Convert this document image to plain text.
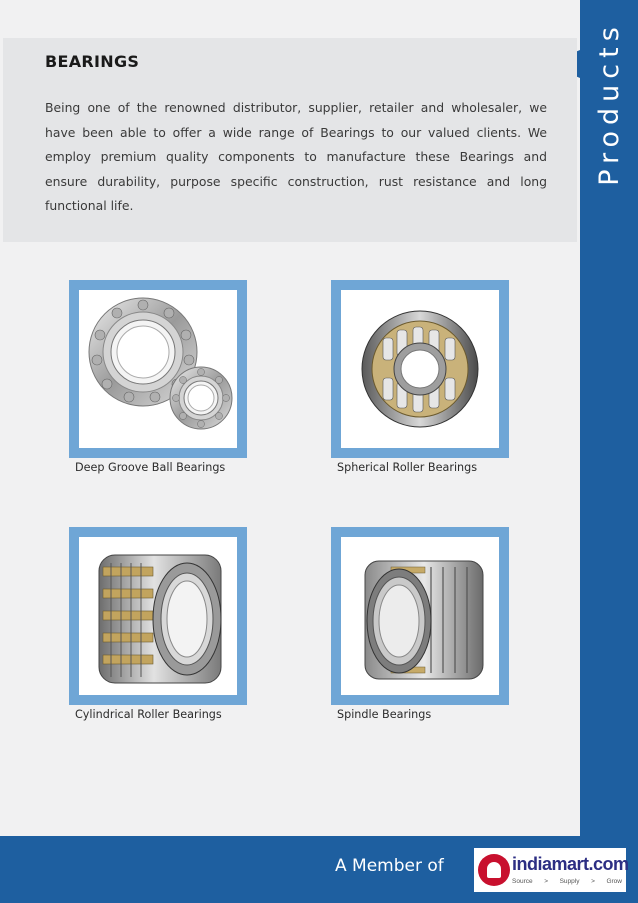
Products
BEARINGS

Being one of the renowned distributor, supplier, retailer and wholesaler, we have been able to offer a wide range of Bearings to our valued clients. We employ premium quality components to manufacture these Bearings and ensure durability, purpose specific construction, rust resistance and long functional life.

Deep Groove Ball Bearings	Spherical Roller Bearings
Cylindrical Roller Bearings	Spindle Bearings
A Member of	indiamart.com
Source > Supply > Grow
